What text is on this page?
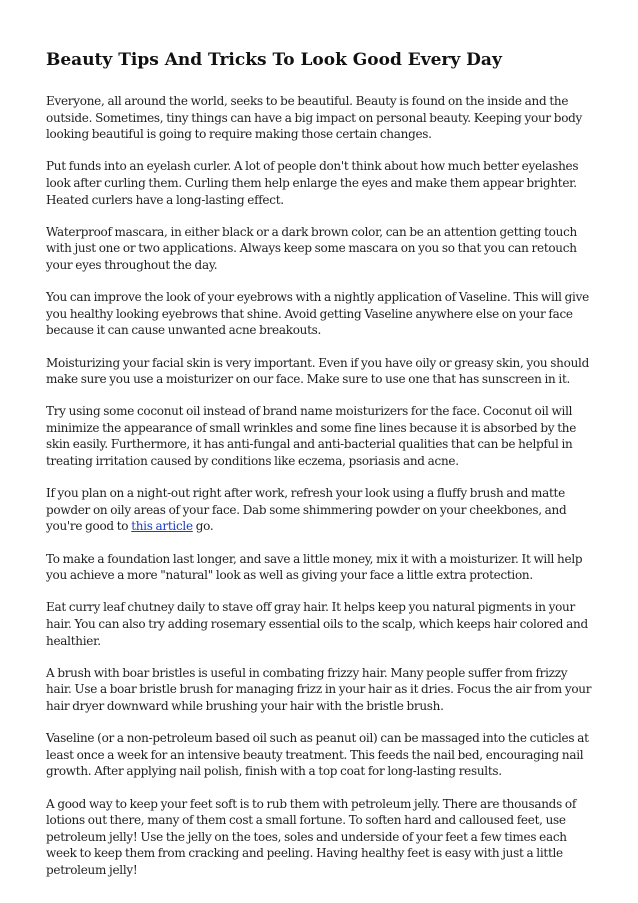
Beauty Tips And Tricks To Look Good Every Day

Everyone, all around the world, seeks to be beautiful. Beauty is found on the inside and the outside. Sometimes, tiny things can have a big impact on personal beauty. Keeping your body looking beautiful is going to require making those certain changes.

Put funds into an eyelash curler. A lot of people don't think about how much better eyelashes look after curling them. Curling them help enlarge the eyes and make them appear brighter. Heated curlers have a long-lasting effect.

Waterproof mascara, in either black or a dark brown color, can be an attention getting touch with just one or two applications. Always keep some mascara on you so that you can retouch your eyes throughout the day.

You can improve the look of your eyebrows with a nightly application of Vaseline. This will give you healthy looking eyebrows that shine. Avoid getting Vaseline anywhere else on your face because it can cause unwanted acne breakouts.

Moisturizing your facial skin is very important. Even if you have oily or greasy skin, you should make sure you use a moisturizer on our face. Make sure to use one that has sunscreen in it.

Try using some coconut oil instead of brand name moisturizers for the face. Coconut oil will minimize the appearance of small wrinkles and some fine lines because it is absorbed by the skin easily. Furthermore, it has anti-fungal and anti-bacterial qualities that can be helpful in treating irritation caused by conditions like eczema, psoriasis and acne.

If you plan on a night-out right after work, refresh your look using a fluffy brush and matte powder on oily areas of your face. Dab some shimmering powder on your cheekbones, and you're good to this article go.

To make a foundation last longer, and save a little money, mix it with a moisturizer. It will help you achieve a more "natural" look as well as giving your face a little extra protection.

Eat curry leaf chutney daily to stave off gray hair. It helps keep you natural pigments in your hair. You can also try adding rosemary essential oils to the scalp, which keeps hair colored and healthier.

A brush with boar bristles is useful in combating frizzy hair. Many people suffer from frizzy hair. Use a boar bristle brush for managing frizz in your hair as it dries. Focus the air from your hair dryer downward while brushing your hair with the bristle brush.

Vaseline (or a non-petroleum based oil such as peanut oil) can be massaged into the cuticles at least once a week for an intensive beauty treatment. This feeds the nail bed, encouraging nail growth. After applying nail polish, finish with a top coat for long-lasting results.

A good way to keep your feet soft is to rub them with petroleum jelly. There are thousands of lotions out there, many of them cost a small fortune. To soften hard and calloused feet, use petroleum jelly! Use the jelly on the toes, soles and underside of your feet a few times each week to keep them from cracking and peeling. Having healthy feet is easy with just a little petroleum jelly!
